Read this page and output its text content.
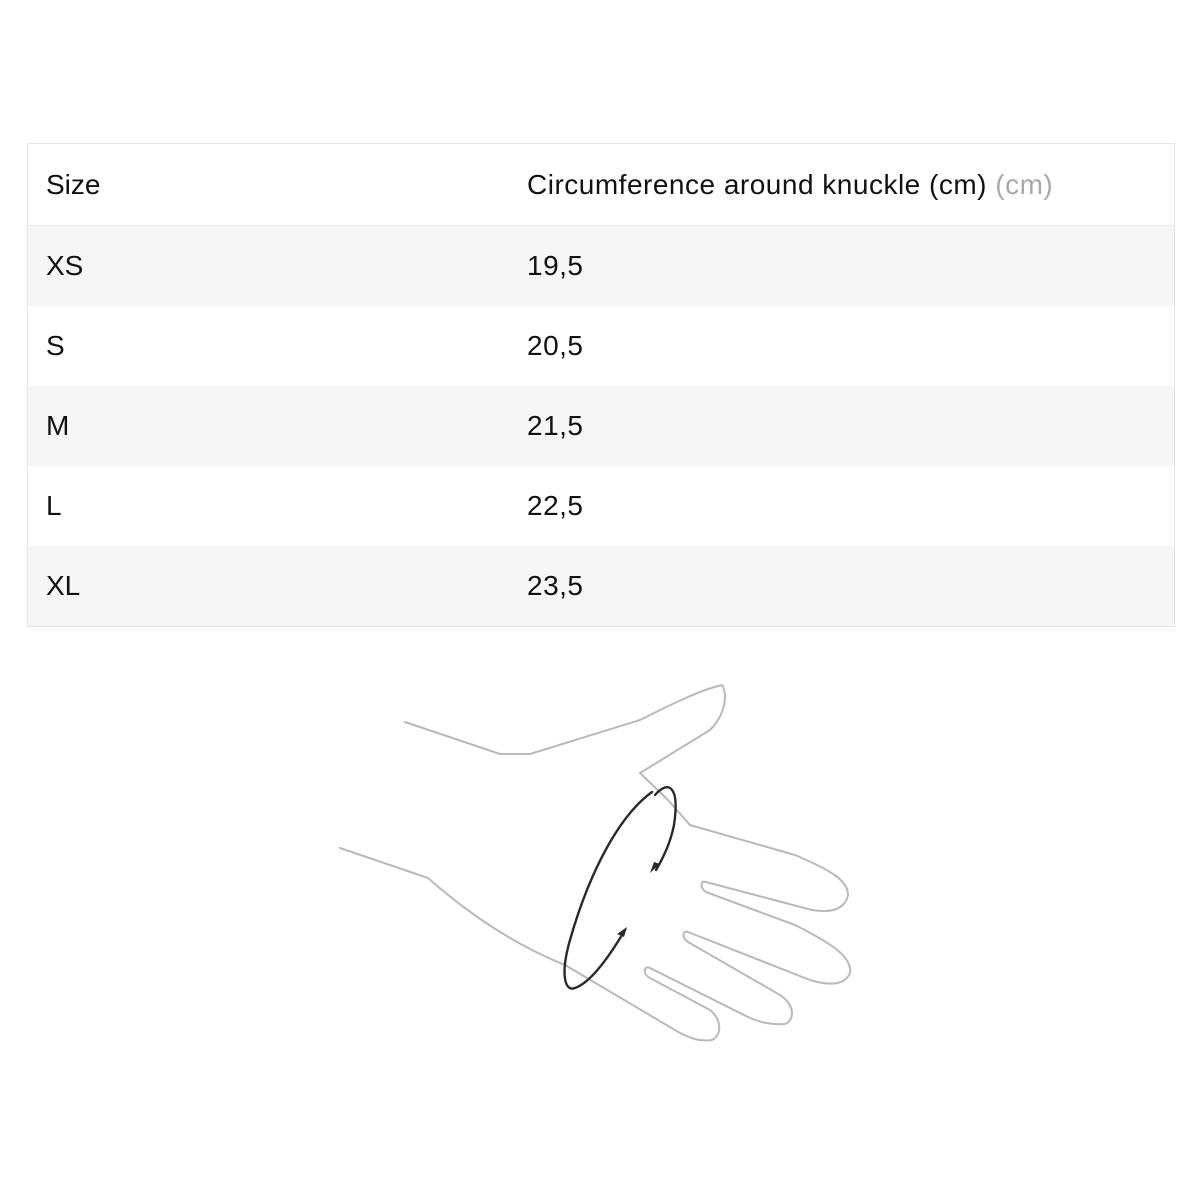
Size	Circumference around knuckle (cm) (cm)
XS	19,5
S	20,5
M	21,5
L	22,5
XL	23,5
